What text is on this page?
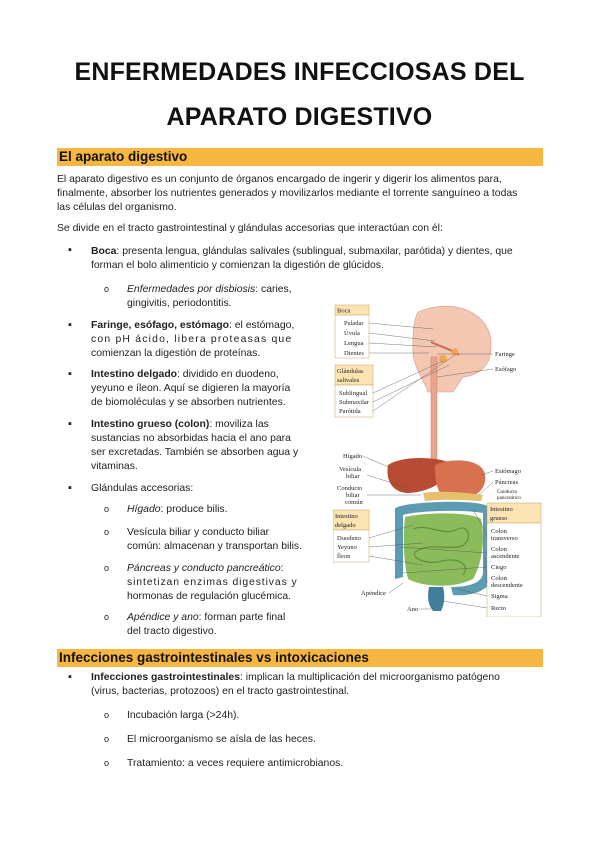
ENFERMEDADES INFECCIOSAS DEL
APARATO DIGESTIVO
El aparato digestivo
El aparato digestivo es un conjunto de órganos encargado de ingerir y digerir los alimentos para,
finalmente, absorber los nutrientes generados y movilizarlos mediante el torrente sanguíneo a todas
las células del organismo.
Se divide en el tracto gastrointestinal y glándulas accesorias que interactúan con él:
▪ Boca: presenta lengua, glándulas salivales (sublingual, submaxilar, parótida) y dientes, que
forman el bolo alimenticio y comienzan la digestión de glúcidos.
o Enfermedades por disbiosis: caries,
gingivitis, periodontitis.
▪ Faringe, esófago, estómago: el estómago,
con pH ácido, libera proteasas que
comienzan la digestión de proteínas.
▪ Intestino delgado: dividido en duodeno,
yeyuno e íleon. Aquí se digieren la mayoría
de biomoléculas y se absorben nutrientes.
▪ Intestino grueso (colon): moviliza las
sustancias no absorbidas hacia el ano para
ser excretadas. También se absorben agua y
vitaminas.
▪ Glándulas accesorias:
o Hígado: produce bilis.
o Vesícula biliar y conducto biliar
común: almacenan y transportan bilis.
o Páncreas y conducto pancreático:
sintetizan enzimas digestivas y
hormonas de regulación glucémica.
o Apéndice y ano: forman parte final
del tracto digestivo.
Infecciones gastrointestinales vs intoxicaciones
▪ Infecciones gastrointestinales: implican la multiplicación del microorganismo patógeno
(virus, bacterias, protozoos) en el tracto gastrointestinal.
o Incubación larga (>24h).
o El microorganismo se aísla de las heces.
o Tratamiento: a veces requiere antimicrobianos.
Boca
Paladar
Úvula
Lengua
Dientes
Glándulas
salivales
Sublingual
Submaxilar
Parótida
Faringe
Esófago
Hígado
Vesícula
biliar
Conducto
biliar
común
Estómago
Páncreas
Conducto
pancreático
Intestino
delgado
Duodeno
Yeyuno
Íleon
Intestino
grueso
Colon
transverso
Colon
ascendente
Ciego
Colon
descendente
Sigma
Recto
Apéndice
Ano
